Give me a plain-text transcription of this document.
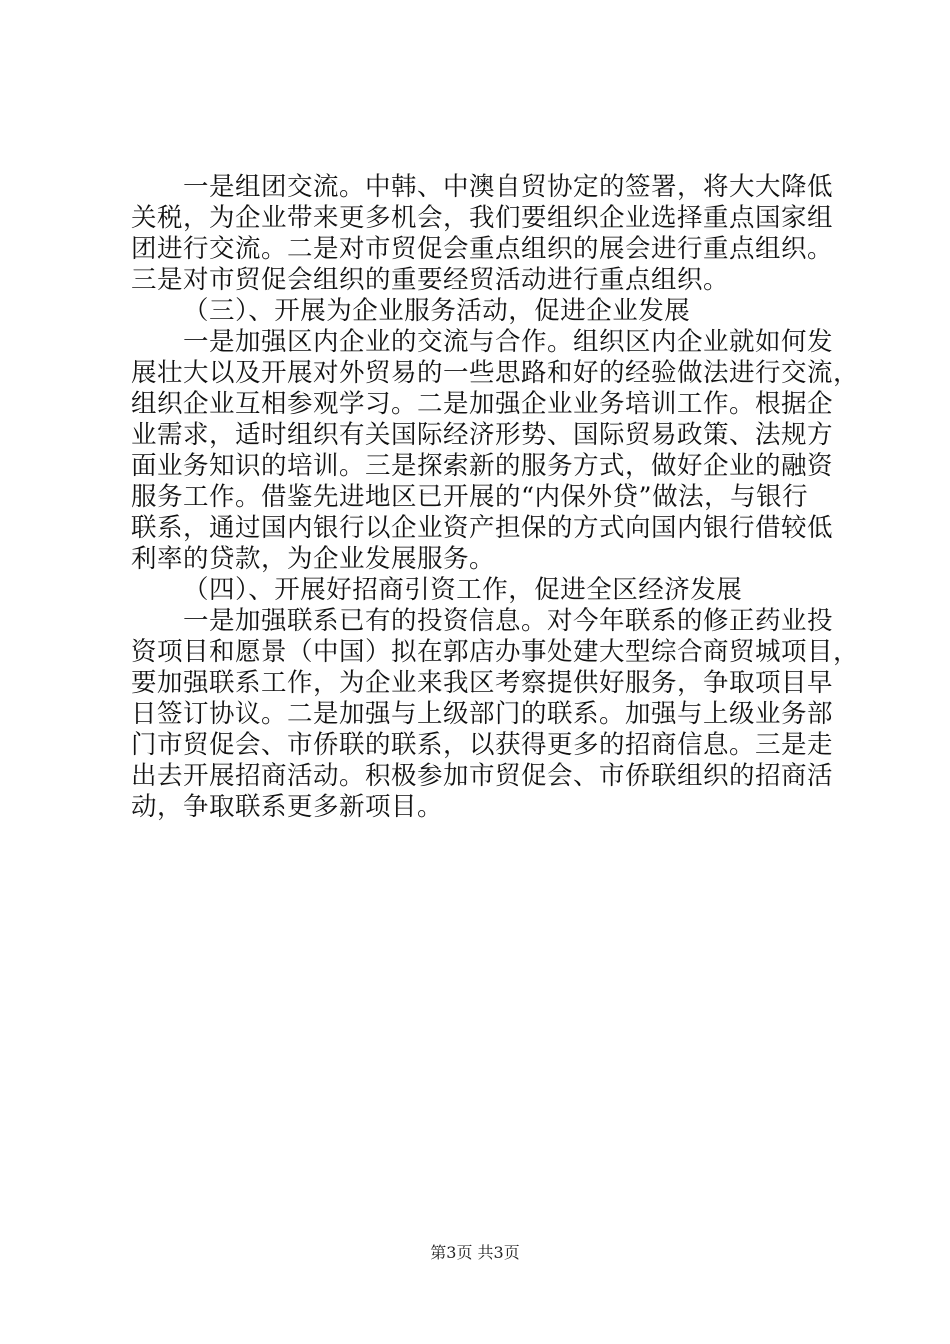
一是组团交流。中韩、中澳自贸协定的签署，将大大降低
关税，为企业带来更多机会，我们要组织企业选择重点国家组
团进行交流。二是对市贸促会重点组织的展会进行重点组织。
三是对市贸促会组织的重要经贸活动进行重点组织。
（三）、开展为企业服务活动，促进企业发展
一是加强区内企业的交流与合作。组织区内企业就如何发
展壮大以及开展对外贸易的一些思路和好的经验做法进行交流，
组织企业互相参观学习。二是加强企业业务培训工作。根据企
业需求，适时组织有关国际经济形势、国际贸易政策、法规方
面业务知识的培训。三是探索新的服务方式，做好企业的融资
服务工作。借鉴先进地区已开展的“内保外贷”做法，与银行
联系，通过国内银行以企业资产担保的方式向国内银行借较低
利率的贷款，为企业发展服务。
（四）、开展好招商引资工作，促进全区经济发展
一是加强联系已有的投资信息。对今年联系的修正药业投
资项目和愿景（中国）拟在郭店办事处建大型综合商贸城项目，
要加强联系工作，为企业来我区考察提供好服务，争取项目早
日签订协议。二是加强与上级部门的联系。加强与上级业务部
门市贸促会、市侨联的联系，以获得更多的招商信息。三是走
出去开展招商活动。积极参加市贸促会、市侨联组织的招商活
动，争取联系更多新项目。
第3页 共3页
